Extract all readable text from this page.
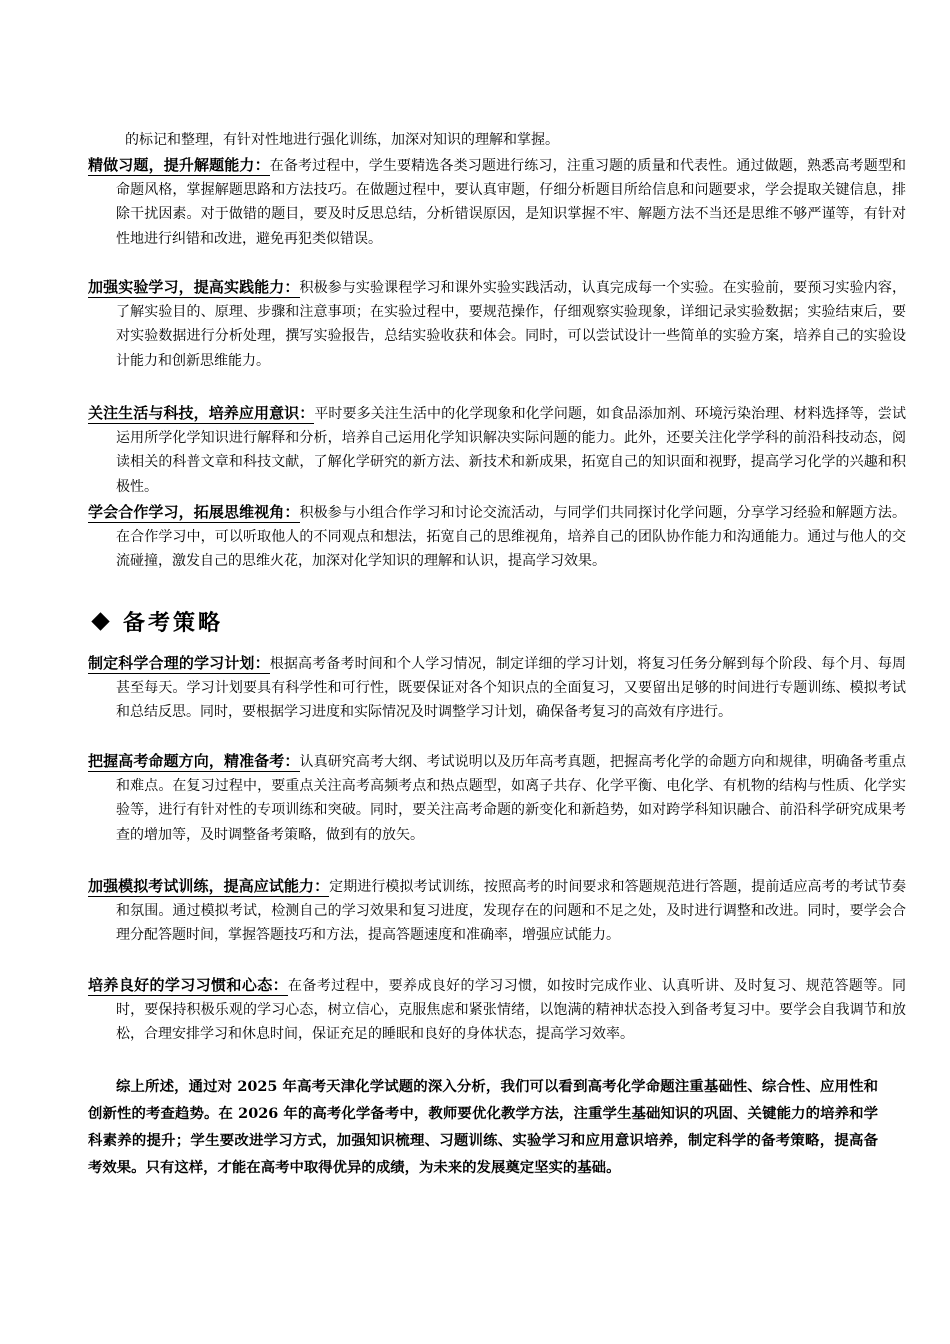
的标记和整理，有针对性地进行强化训练，加深对知识的理解和掌握。
精做习题，提升解题能力：在备考过程中，学生要精选各类习题进行练习，注重习题的质量和代表性。通过做题，熟悉高考题型和命题风格，掌握解题思路和方法技巧。在做题过程中，要认真审题，仔细分析题目所给信息和问题要求，学会提取关键信息，排除干扰因素。对于做错的题目，要及时反思总结，分析错误原因，是知识掌握不牢、解题方法不当还是思维不够严谨等，有针对性地进行纠错和改进，避免再犯类似错误。
加强实验学习，提高实践能力：积极参与实验课程学习和课外实验实践活动，认真完成每一个实验。在实验前，要预习实验内容，了解实验目的、原理、步骤和注意事项；在实验过程中，要规范操作，仔细观察实验现象，详细记录实验数据；实验结束后，要对实验数据进行分析处理，撰写实验报告，总结实验收获和体会。同时，可以尝试设计一些简单的实验方案，培养自己的实验设计能力和创新思维能力。
关注生活与科技，培养应用意识：平时要多关注生活中的化学现象和化学问题，如食品添加剂、环境污染治理、材料选择等，尝试运用所学化学知识进行解释和分析，培养自己运用化学知识解决实际问题的能力。此外，还要关注化学学科的前沿科技动态，阅读相关的科普文章和科技文献，了解化学研究的新方法、新技术和新成果，拓宽自己的知识面和视野，提高学习化学的兴趣和积极性。
学会合作学习，拓展思维视角：积极参与小组合作学习和讨论交流活动，与同学们共同探讨化学问题，分享学习经验和解题方法。在合作学习中，可以听取他人的不同观点和想法，拓宽自己的思维视角，培养自己的团队协作能力和沟通能力。通过与他人的交流碰撞，激发自己的思维火花，加深对化学知识的理解和认识，提高学习效果。
备考策略
制定科学合理的学习计划：根据高考备考时间和个人学习情况，制定详细的学习计划，将复习任务分解到每个阶段、每个月、每周甚至每天。学习计划要具有科学性和可行性，既要保证对各个知识点的全面复习，又要留出足够的时间进行专题训练、模拟考试和总结反思。同时，要根据学习进度和实际情况及时调整学习计划，确保备考复习的高效有序进行。
把握高考命题方向，精准备考：认真研究高考大纲、考试说明以及历年高考真题，把握高考化学的命题方向和规律，明确备考重点和难点。在复习过程中，要重点关注高考高频考点和热点题型，如离子共存、化学平衡、电化学、有机物的结构与性质、化学实验等，进行有针对性的专项训练和突破。同时，要关注高考命题的新变化和新趋势，如对跨学科知识融合、前沿科学研究成果考查的增加等，及时调整备考策略，做到有的放矢。
加强模拟考试训练，提高应试能力：定期进行模拟考试训练，按照高考的时间要求和答题规范进行答题，提前适应高考的考试节奏和氛围。通过模拟考试，检测自己的学习效果和复习进度，发现存在的问题和不足之处，及时进行调整和改进。同时，要学会合理分配答题时间，掌握答题技巧和方法，提高答题速度和准确率，增强应试能力。
培养良好的学习习惯和心态：在备考过程中，要养成良好的学习习惯，如按时完成作业、认真听讲、及时复习、规范答题等。同时，要保持积极乐观的学习心态，树立信心，克服焦虑和紧张情绪，以饱满的精神状态投入到备考复习中。要学会自我调节和放松，合理安排学习和休息时间，保证充足的睡眠和良好的身体状态，提高学习效率。
综上所述，通过对 2025 年高考天津化学试题的深入分析，我们可以看到高考化学命题注重基础性、综合性、应用性和创新性的考查趋势。在 2026 年的高考化学备考中，教师要优化教学方法，注重学生基础知识的巩固、关键能力的培养和学科素养的提升；学生要改进学习方式，加强知识梳理、习题训练、实验学习和应用意识培养，制定科学的备考策略，提高备考效果。只有这样，才能在高考中取得优异的成绩，为未来的发展奠定坚实的基础。
